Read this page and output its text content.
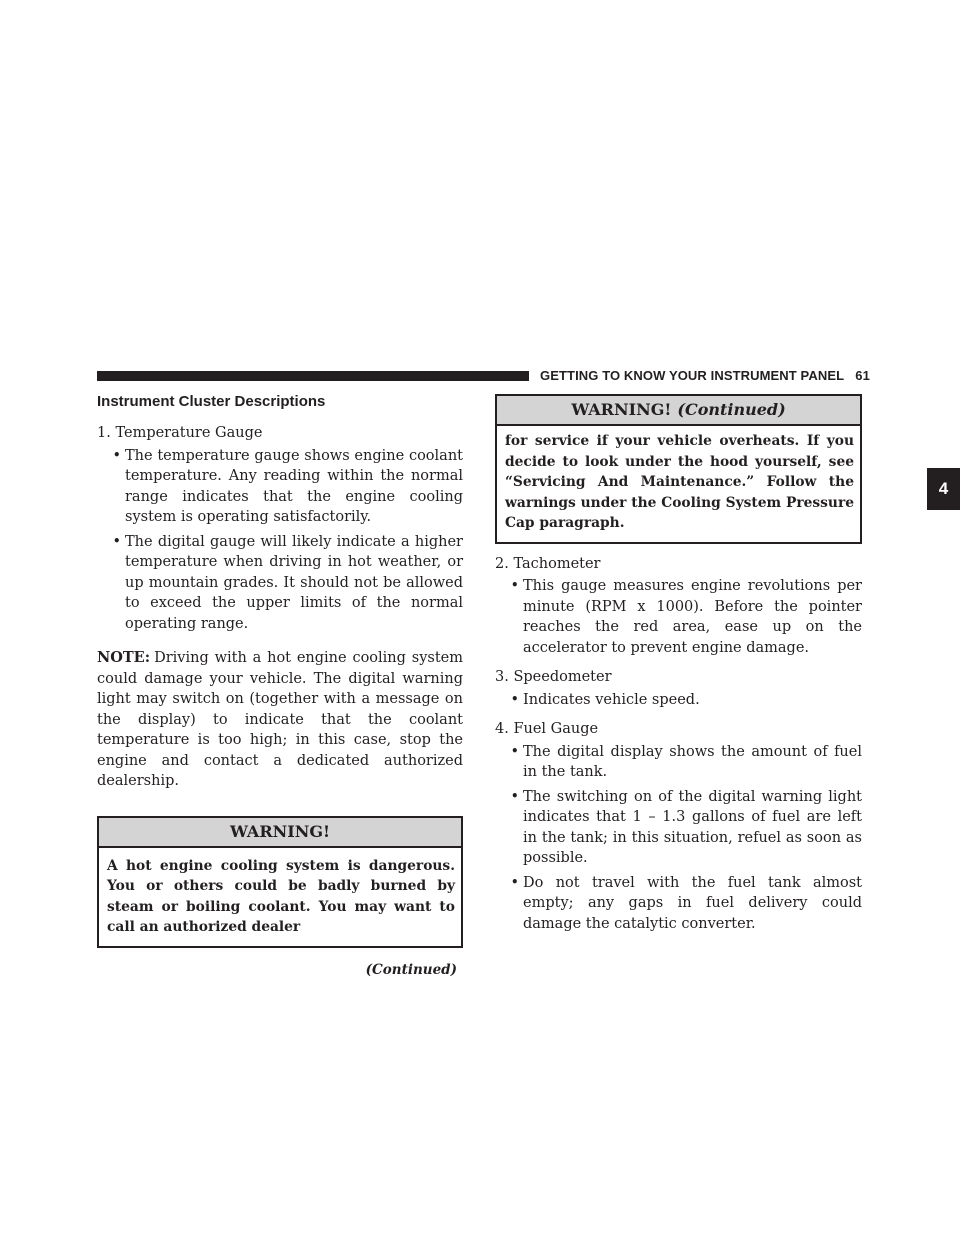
GETTING TO KNOW YOUR INSTRUMENT PANEL 61
4
Instrument Cluster Descriptions
1. Temperature Gauge
• The temperature gauge shows engine coolant temperature. Any reading within the normal range indicates that the engine cooling system is operating satisfactorily.
• The digital gauge will likely indicate a higher temperature when driving in hot weather, or up mountain grades. It should not be allowed to exceed the upper limits of the normal operating range.
NOTE: Driving with a hot engine cooling system could damage your vehicle. The digital warning light may switch on (together with a message on the display) to indicate that the coolant temperature is too high; in this case, stop the engine and contact a dedicated authorized dealership.
WARNING!
A hot engine cooling system is dangerous. You or others could be badly burned by steam or boiling coolant. You may want to call an authorized dealer
(Continued)
WARNING! (Continued)
for service if your vehicle overheats. If you decide to look under the hood yourself, see “Servicing And Maintenance.” Follow the warnings under the Cooling System Pressure Cap paragraph.
2. Tachometer
• This gauge measures engine revolutions per minute (RPM x 1000). Before the pointer reaches the red area, ease up on the accelerator to prevent engine damage.
3. Speedometer
• Indicates vehicle speed.
4. Fuel Gauge
• The digital display shows the amount of fuel in the tank.
• The switching on of the digital warning light indicates that 1 – 1.3 gallons of fuel are left in the tank; in this situation, refuel as soon as possible.
• Do not travel with the fuel tank almost empty; any gaps in fuel delivery could damage the catalytic converter.
